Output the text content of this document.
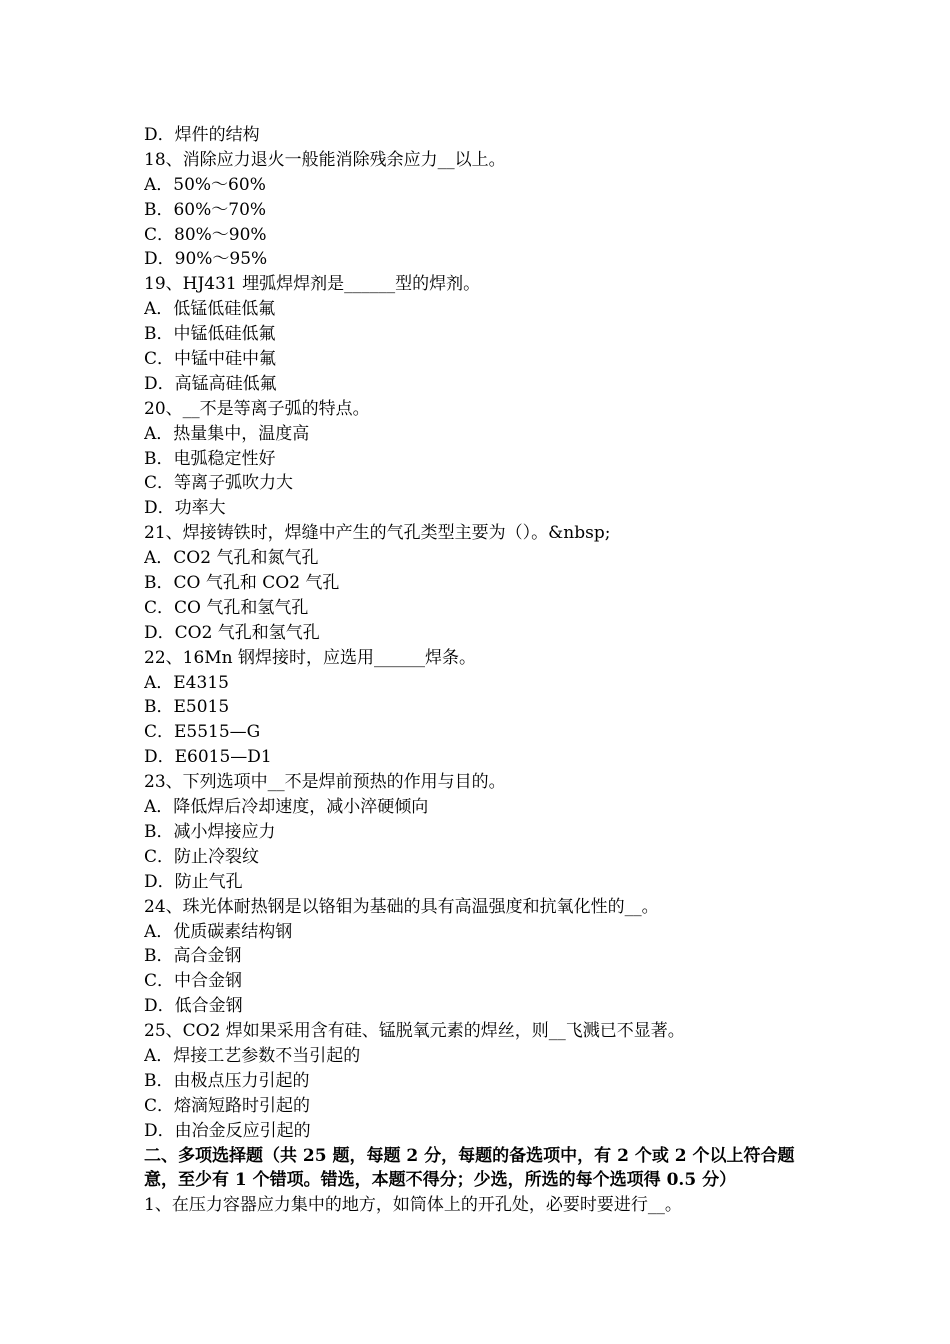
D．焊件的结构
18、消除应力退火一般能消除残余应力__以上。
A．50%～60%
B．60%～70%
C．80%～90%
D．90%～95%
19、HJ431 埋弧焊焊剂是______型的焊剂。
A．低锰低硅低氟
B．中锰低硅低氟
C．中锰中硅中氟
D．高锰高硅低氟
20、__不是等离子弧的特点。
A．热量集中，温度高
B．电弧稳定性好
C．等离子弧吹力大
D．功率大
21、焊接铸铁时，焊缝中产生的气孔类型主要为（）。&nbsp;
A．CO2 气孔和氮气孔
B．CO 气孔和 CO2 气孔
C．CO 气孔和氢气孔
D．CO2 气孔和氢气孔
22、16Mn 钢焊接时，应选用______焊条。
A．E4315
B．E5015
C．E5515—G
D．E6015—D1
23、下列选项中__不是焊前预热的作用与目的。
A．降低焊后冷却速度，减小淬硬倾向
B．减小焊接应力
C．防止冷裂纹
D．防止气孔
24、珠光体耐热钢是以铬钼为基础的具有高温强度和抗氧化性的__。
A．优质碳素结构钢
B．高合金钢
C．中合金钢
D．低合金钢
25、CO2 焊如果采用含有硅、锰脱氧元素的焊丝，则__飞溅已不显著。
A．焊接工艺参数不当引起的
B．由极点压力引起的
C．熔滴短路时引起的
D．由冶金反应引起的
二、多项选择题（共 25 题，每题 2 分，每题的备选项中，有 2 个或 2 个以上符合题意，至少有 1 个错项。错选，本题不得分；少选，所选的每个选项得 0.5 分）
1、在压力容器应力集中的地方，如筒体上的开孔处，必要时要进行__。
